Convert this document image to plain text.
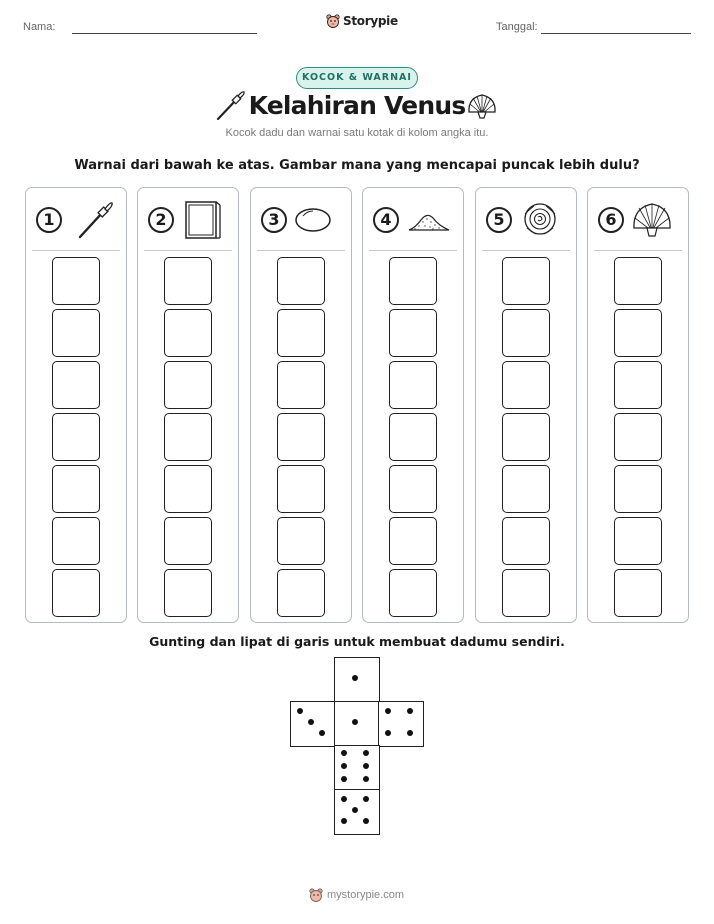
Nama:	Storypie	Tanggal:
KOCOK & WARNAI
Kelahiran Venus
Kocok dadu dan warnai satu kotak di kolom angka itu.
Warnai dari bawah ke atas. Gambar mana yang mencapai puncak lebih dulu?
1	2	3	4	5	6
Gunting dan lipat di garis untuk membuat dadumu sendiri.
mystorypie.com
